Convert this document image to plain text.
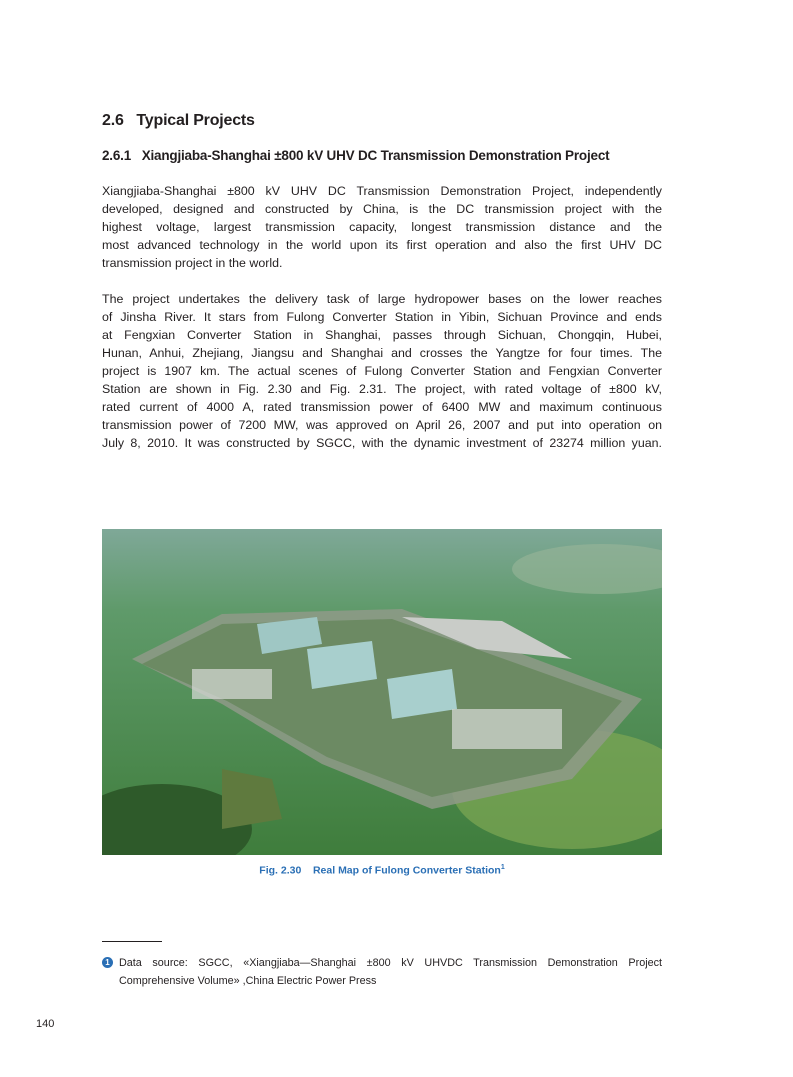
2.6 Typical Projects
2.6.1 Xiangjiaba-Shanghai ±800 kV UHV DC Transmission Demonstration Project
Xiangjiaba-Shanghai ±800 kV UHV DC Transmission Demonstration Project, independently
developed, designed and constructed by China, is the DC transmission project with the
highest voltage, largest transmission capacity, longest transmission distance and the
most advanced technology in the world upon its first operation and also the first UHV DC
transmission project in the world.
The project undertakes the delivery task of large hydropower bases on the lower reaches
of Jinsha River. It stars from Fulong Converter Station in Yibin, Sichuan Province and ends
at Fengxian Converter Station in Shanghai, passes through Sichuan, Chongqin, Hubei,
Hunan, Anhui, Zhejiang, Jiangsu and Shanghai and crosses the Yangtze for four times. The
project is 1907 km. The actual scenes of Fulong Converter Station and Fengxian Converter
Station are shown in Fig. 2.30 and Fig. 2.31. The project, with rated voltage of ±800 kV,
rated current of 4000 A, rated transmission power of 6400 MW and maximum continuous
transmission power of 7200 MW, was approved on April 26, 2007 and put into operation on
July 8, 2010. It was constructed by SGCC, with the dynamic investment of 23274 million yuan.
Fig. 2.30 Real Map of Fulong Converter Station$^1$
1 Data source: SGCC, «Xiangjiaba—Shanghai ±800 kV UHVDC Transmission Demonstration Project
Comprehensive Volume» ,China Electric Power Press
140
